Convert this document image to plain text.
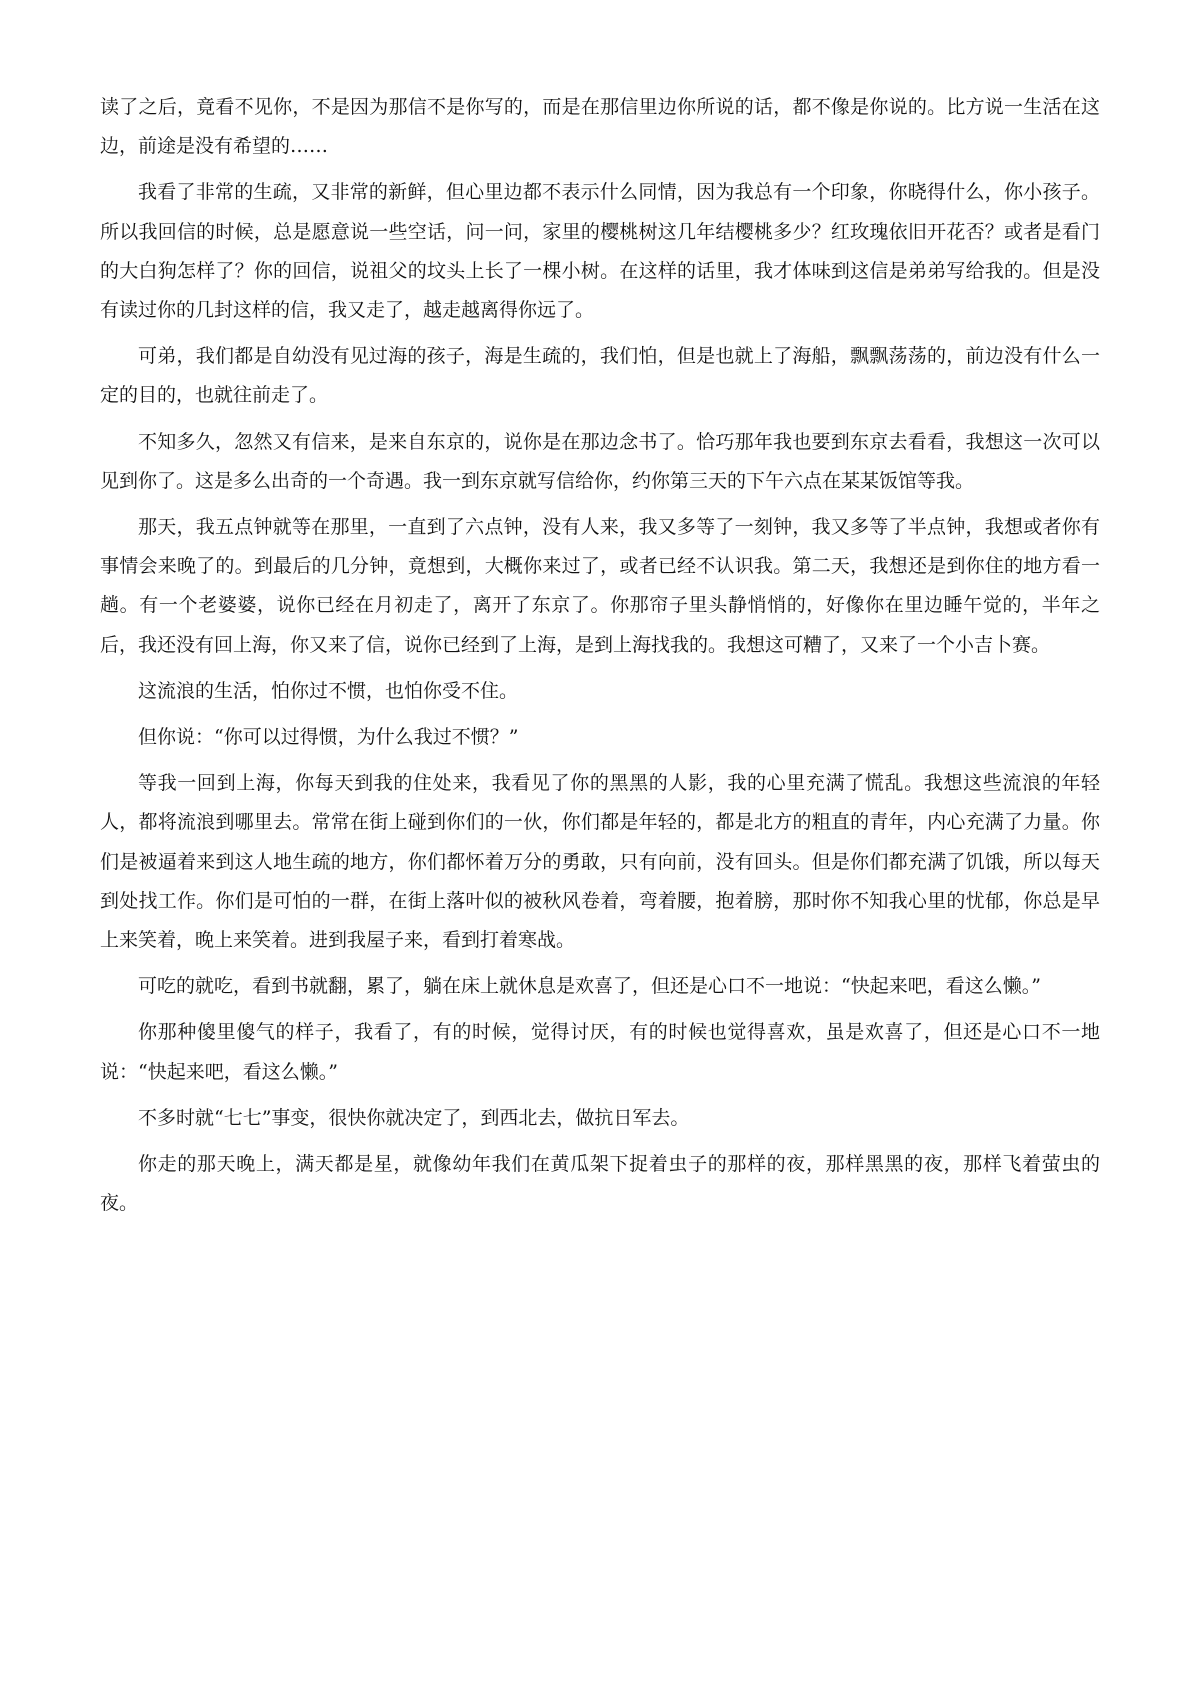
读了之后，竟看不见你，不是因为那信不是你写的，而是在那信里边你所说的话，都不像是你说的。比方说一生活在这边，前途是没有希望的……

我看了非常的生疏，又非常的新鲜，但心里边都不表示什么同情，因为我总有一个印象，你晓得什么，你小孩子。所以我回信的时候，总是愿意说一些空话，问一问，家里的樱桃树这几年结樱桃多少？红玫瑰依旧开花否？或者是看门的大白狗怎样了？你的回信，说祖父的坟头上长了一棵小树。在这样的话里，我才体味到这信是弟弟写给我的。但是没有读过你的几封这样的信，我又走了，越走越离得你远了。

可弟，我们都是自幼没有见过海的孩子，海是生疏的，我们怕，但是也就上了海船，飘飘荡荡的，前边没有什么一定的目的，也就往前走了。

不知多久，忽然又有信来，是来自东京的，说你是在那边念书了。恰巧那年我也要到东京去看看，我想这一次可以见到你了。这是多么出奇的一个奇遇。我一到东京就写信给你，约你第三天的下午六点在某某饭馆等我。

那天，我五点钟就等在那里，一直到了六点钟，没有人来，我又多等了一刻钟，我又多等了半点钟，我想或者你有事情会来晚了的。到最后的几分钟，竟想到，大概你来过了，或者已经不认识我。第二天，我想还是到你住的地方看一趟。有一个老婆婆，说你已经在月初走了，离开了东京了。你那帘子里头静悄悄的，好像你在里边睡午觉的，半年之后，我还没有回上海，你又来了信，说你已经到了上海，是到上海找我的。我想这可糟了，又来了一个小吉卜赛。

这流浪的生活，怕你过不惯，也怕你受不住。

但你说：“你可以过得惯，为什么我过不惯？”

等我一回到上海，你每天到我的住处来，我看见了你的黑黑的人影，我的心里充满了慌乱。我想这些流浪的年轻人，都将流浪到哪里去。常常在街上碰到你们的一伙，你们都是年轻的，都是北方的粗直的青年，内心充满了力量。你们是被逼着来到这人地生疏的地方，你们都怀着万分的勇敢，只有向前，没有回头。但是你们都充满了饥饿，所以每天到处找工作。你们是可怕的一群，在街上落叶似的被秋风卷着，弯着腰，抱着膀，那时你不知我心里的忧郁，你总是早上来笑着，晚上来笑着。进到我屋子来，看到打着寒战。

可吃的就吃，看到书就翻，累了，躺在床上就休息是欢喜了，但还是心口不一地说：“快起来吧，看这么懒。”

你那种傻里傻气的样子，我看了，有的时候，觉得讨厌，有的时候也觉得喜欢，虽是欢喜了，但还是心口不一地说：“快起来吧，看这么懒。”

不多时就“七七”事变，很快你就决定了，到西北去，做抗日军去。

你走的那天晚上，满天都是星，就像幼年我们在黄瓜架下捉着虫子的那样的夜，那样黑黑的夜，那样飞着萤虫的夜。
